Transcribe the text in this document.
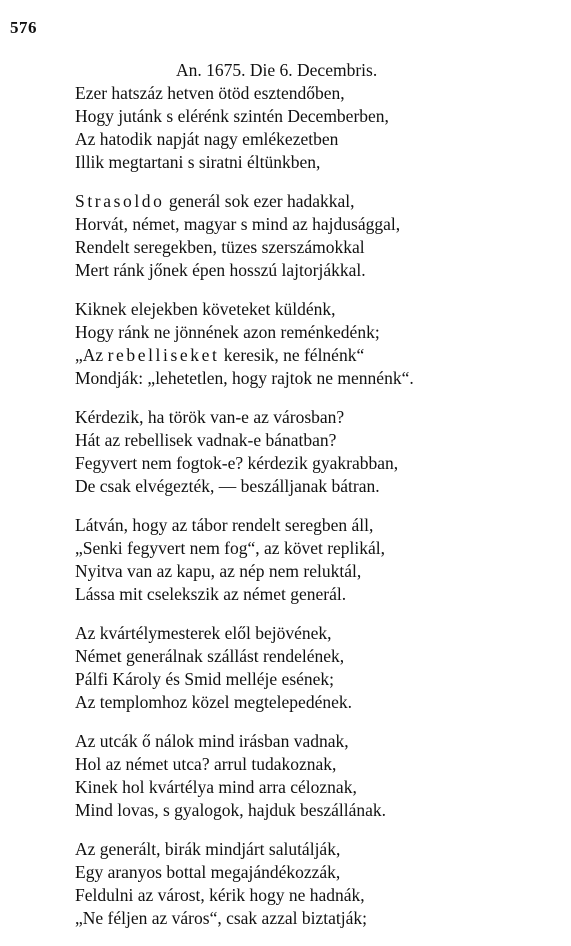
576
An. 1675. Die 6. Decembris.
Ezer hatszáz hetven ötöd esztendőben,
Hogy jutánk s elérénk szintén Decemberben,
Az hatodik napját nagy emlékezetben
Illik megtartani s siratni éltünkben,
Strasoldo generál sok ezer hadakkal,
Horvát, német, magyar s mind az hajdusággal,
Rendelt seregekben, tüzes szerszámokkal
Mert ránk jőnek épen hosszú lajtorjákkal.
Kiknek elejekben követeket küldénk,
Hogy ránk ne jönnének azon reménkedénk;
„Az rebelliseket keresik, ne félnénk“
Mondják: „lehetetlen, hogy rajtok ne mennénk“.
Kérdezik, ha török van-e az városban?
Hát az rebellisek vadnak-e bánatban?
Fegyvert nem fogtok-e? kérdezik gyakrabban,
De csak elvégezték, — beszálljanak bátran.
Látván, hogy az tábor rendelt seregben áll,
„Senki fegyvert nem fog“, az követ replikál,
Nyitva van az kapu, az nép nem reluktál,
Lássa mit cselekszik az német generál.
Az kvártélymesterek elől bejövének,
Német generálnak szállást rendelének,
Pálfi Károly és Smid melléje esének;
Az templomhoz közel megtelepedének.
Az utcák ő nálok mind irásban vadnak,
Hol az német utca? arrul tudakoznak,
Kinek hol kvártélya mind arra céloznak,
Mind lovas, s gyalogok, hajduk beszállának.
Az generált, birák mindjárt salutálják,
Egy aranyos bottal megajándékozzák,
Feldulni az várost, kérik hogy ne hadnák,
„Ne féljen az város“, csak azzal biztatják;
